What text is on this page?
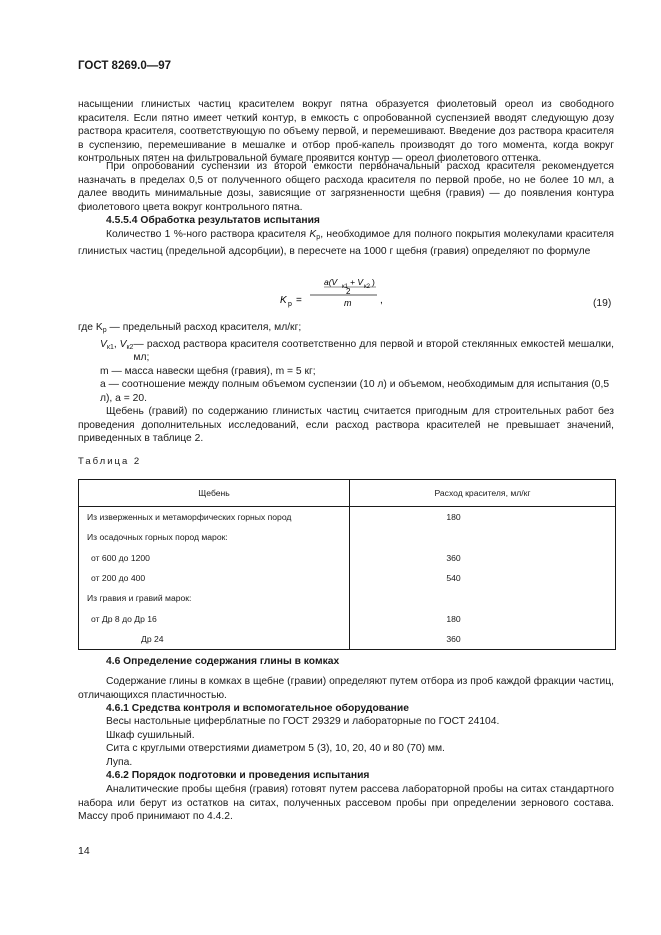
ГОСТ 8269.0—97
насыщении глинистых частиц красителем вокруг пятна образуется фиолетовый ореол из свободного красителя. Если пятно имеет четкий контур, в емкость с опробованной суспензией вводят следующую дозу раствора красителя, соответствующую по объему первой, и перемешивают. Введение доз раствора красителя в суспензию, перемешивание в мешалке и отбор проб-капель производят до того момента, когда вокруг контрольных пятен на фильтровальной бумаге проявится контур — ореол фиолетового оттенка.
При опробовании суспензии из второй емкости первоначальный расход красителя рекомендуется назначать в пределах 0,5 от полученного общего расхода красителя по первой пробе, но не более 10 мл, а далее вводить минимальные дозы, зависящие от загрязненности щебня (гравия) — до появления контура фиолетового цвета вокруг контрольного пятна.
4.5.5.4 Обработка результатов испытания
Количество 1 %-ного раствора красителя $K_р$, необходимое для полного покрытия молекулами красителя глинистых частиц (предельной адсорбции), в пересчете на 1000 г щебня (гравия) определяют по формуле
K р =
a(V к1 + V к2 )
2
m	,	(19)
где $K_р$ — предельный расход красителя, мл/кг;
$V_{к1}$, $V_{к2}$ — расход раствора красителя соответственно для первой и второй стеклянных емкостей мешалки, мл;
m — масса навески щебня (гравия), m = 5 кг;
a — соотношение между полным объемом суспензии (10 л) и объемом, необходимым для испытания (0,5 л), a = 20.
Щебень (гравий) по содержанию глинистых частиц считается пригодным для строительных работ без проведения дополнительных исследований, если расход раствора красителей не превышает значений, приведенных в таблице 2.
Таблица 2
Щебень	Расход красителя, мл/кг
Из изверженных и метаморфических горных пород	180
Из осадочных горных пород марок:	
от 600 до 1200	360
от 200 до 400	540
Из гравия и гравий марок:	
от Др 8 до Др 16	180
Др 24	360
4.6 Определение содержания глины в комках
Содержание глины в комках в щебне (гравии) определяют путем отбора из проб каждой фракции частиц, отличающихся пластичностью.
4.6.1 Средства контроля и вспомогательное оборудование
Весы настольные циферблатные по ГОСТ 29329 и лабораторные по ГОСТ 24104.
Шкаф сушильный.
Сита с круглыми отверстиями диаметром 5 (3), 10, 20, 40 и 80 (70) мм.
Лупа.
4.6.2 Порядок подготовки и проведения испытания
Аналитические пробы щебня (гравия) готовят путем рассева лабораторной пробы на ситах стандартного набора или берут из остатков на ситах, полученных рассевом пробы при определении зернового состава. Массу проб принимают по 4.4.2.
14
